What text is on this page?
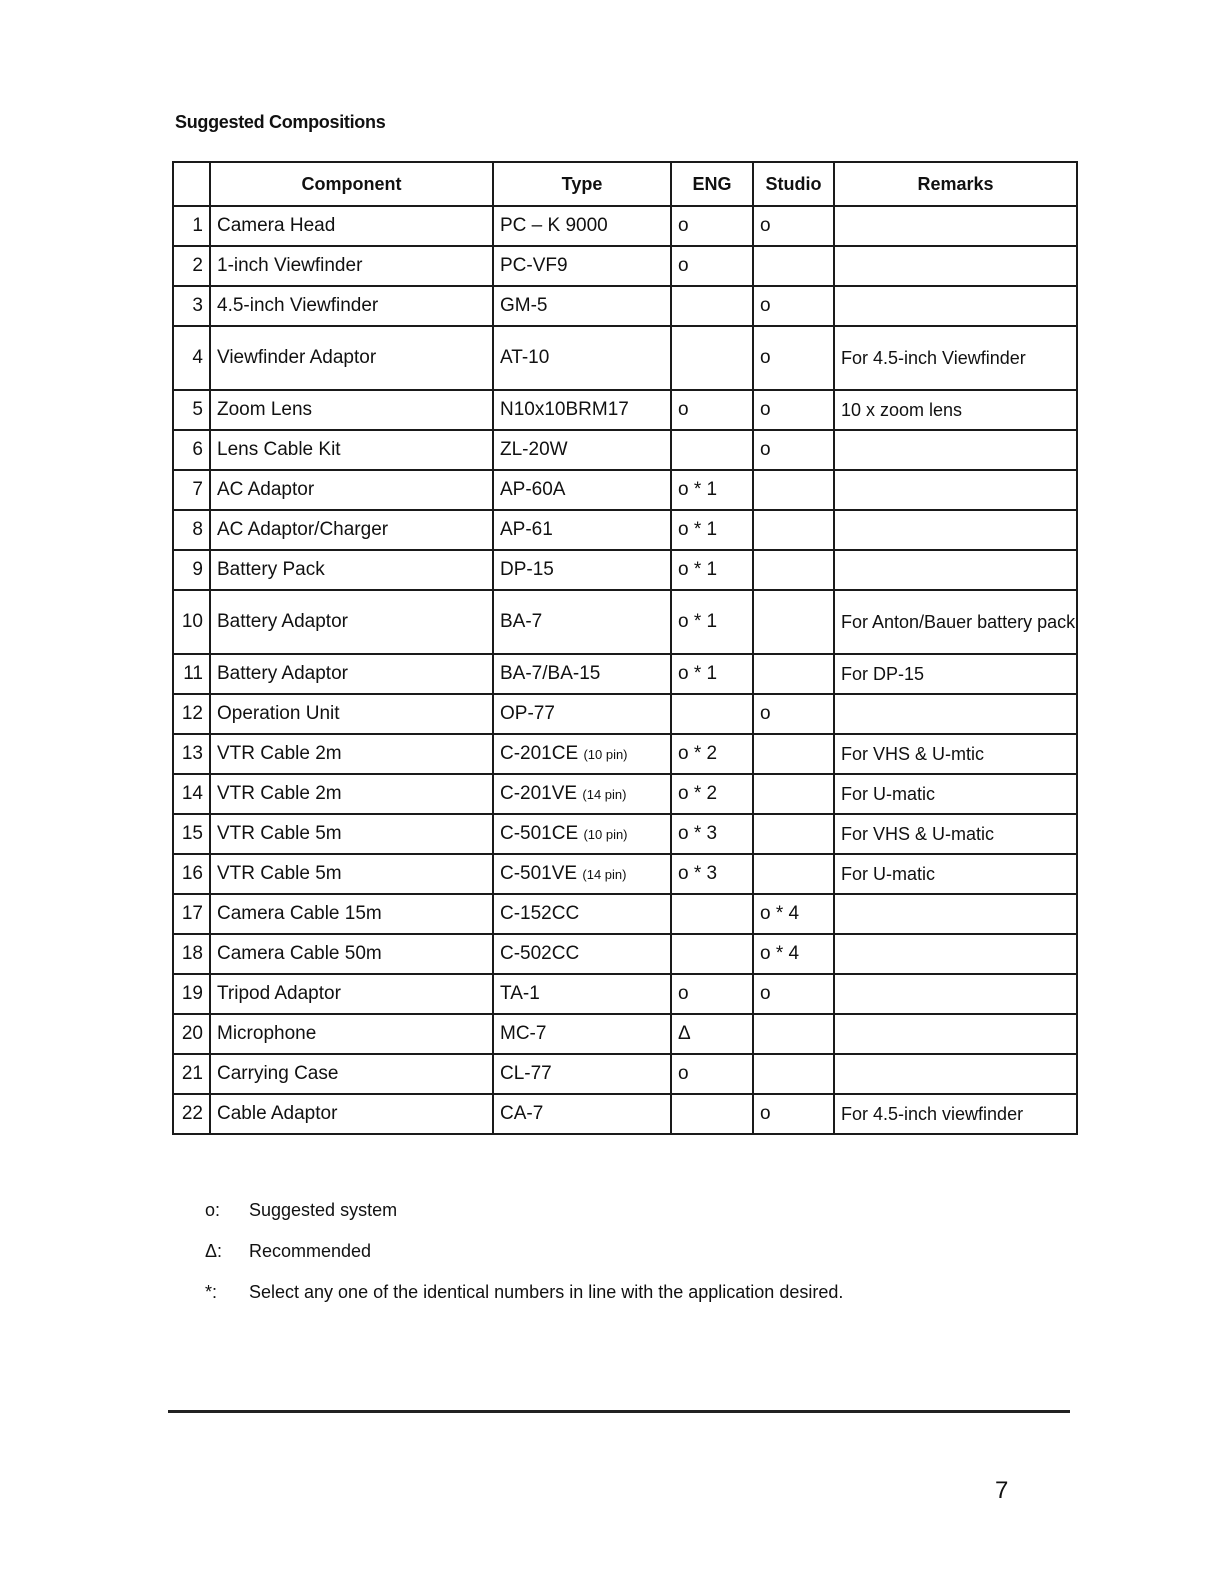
Suggested Compositions
	Component	Type	ENG	Studio	Remarks
1	Camera Head	PC – K 9000	o	o	
2	1-inch Viewfinder	PC-VF9	o		
3	4.5-inch Viewfinder	GM-5		o	
4	Viewfinder Adaptor	AT-10		o	For 4.5-inch Viewfinder
5	Zoom Lens	N10x10BRM17	o	o	10 x zoom lens
6	Lens Cable Kit	ZL-20W		o	
7	AC Adaptor	AP-60A	o * 1		
8	AC Adaptor/Charger	AP-61	o * 1		
9	Battery Pack	DP-15	o * 1		
10	Battery Adaptor	BA-7	o * 1		For Anton/Bauer battery pack
11	Battery Adaptor	BA-7/BA-15	o * 1		For DP-15
12	Operation Unit	OP-77		o	
13	VTR Cable 2m	C-201CE (10 pin)	o * 2		For VHS & U-mtic
14	VTR Cable 2m	C-201VE (14 pin)	o * 2		For U-matic
15	VTR Cable 5m	C-501CE (10 pin)	o * 3		For VHS & U-matic
16	VTR Cable 5m	C-501VE (14 pin)	o * 3		For U-matic
17	Camera Cable 15m	C-152CC		o * 4	
18	Camera Cable 50m	C-502CC		o * 4	
19	Tripod Adaptor	TA-1	o	o	
20	Microphone	MC-7	Δ		
21	Carrying Case	CL-77	o		
22	Cable Adaptor	CA-7		o	For 4.5-inch viewfinder
o: Suggested system
Δ: Recommended
*: Select any one of the identical numbers in line with the application desired.
7
